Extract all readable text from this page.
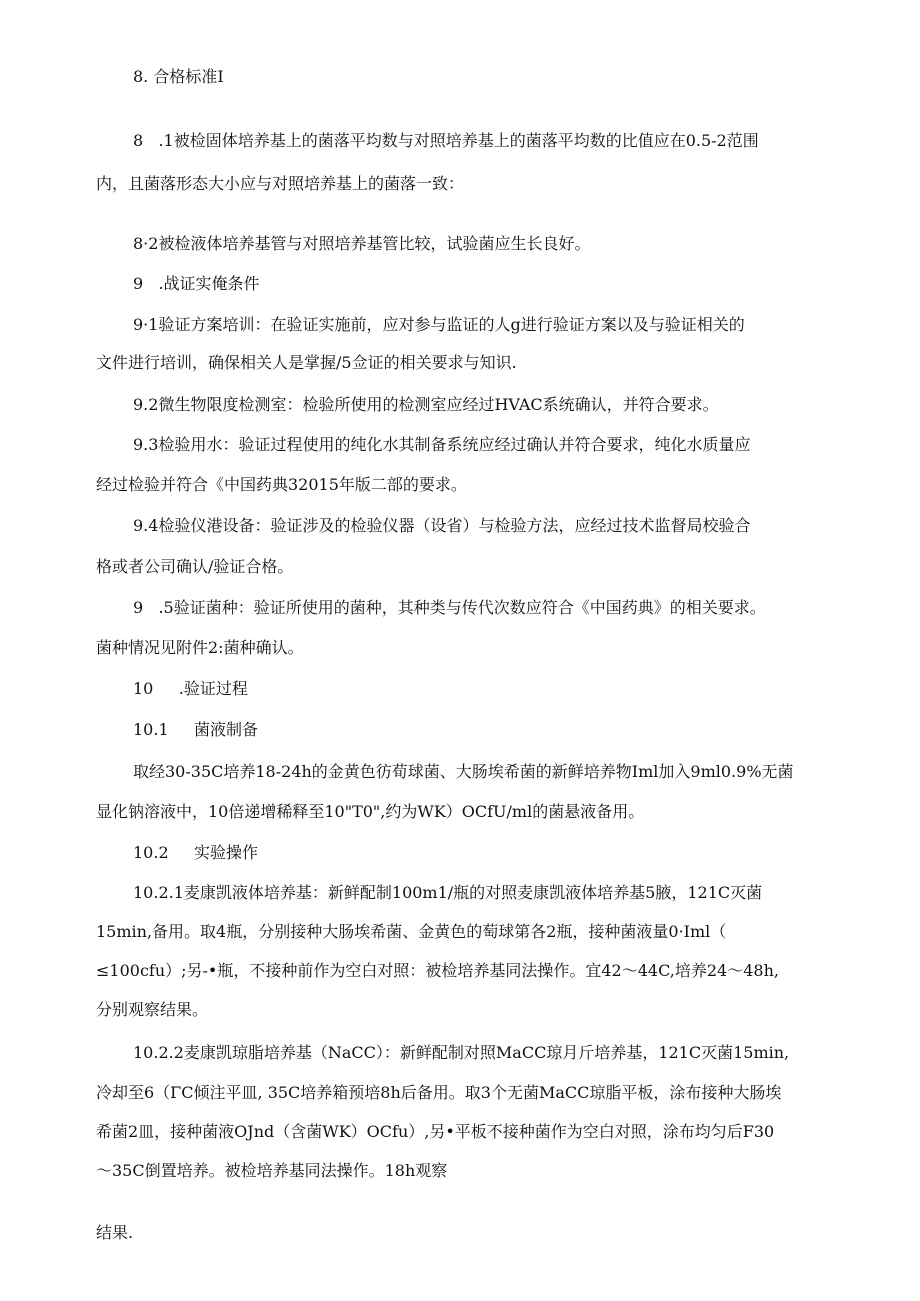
8. 合格标准I
8   .1被检固体培养基上的菌落平均数与对照培养基上的菌落平均数的比值应在0.5-2范围
内，且菌落形态大小应与对照培养基上的菌落一致：
8·2被检液体培养基管与对照培养基管比较，试验菌应生长良好。
9   .战证实俺条件
9·1验证方案培训：在验证实施前，应对参与监证的人g进行验证方案以及与验证相关的
文件进行培训，确保相关人是掌握/5佥证的相关要求与知识.
9.2微生物限度检测室：检验所使用的检测室应经过HVAC系统确认，并符合要求。
9.3检验用水：验证过程使用的纯化水其制备系统应经过确认并符合要求，纯化水质量应
经过检验并符合《中国药典32015年版二部的要求。
9.4检验仪港设备：验证涉及的检验仪器（设省）与检验方法，应经过技术监督局校验合
格或者公司确认/验证合格。
9   .5验证菌种：验证所使用的菌种，其种类与传代次数应符合《中国药典》的相关要求。
菌种情况见附件2:菌种确认。
10     .验证过程
10.1     菌液制备
取经30-35C培养18-24h的金黄色彷荀球菌、大肠埃希菌的新鲜培养物Iml加入9ml0.9%无菌
显化钠溶液中，10倍递增稀释至10"T0",约为WK）OCfU/ml的菌悬液备用。
10.2     实验操作
10.2.1麦康凯液体培养基：新鲜配制100m1/瓶的对照麦康凯液体培养基5腋，121C灭菌
15min,备用。取4瓶，分别接种大肠埃希菌、金黄色的萄球第各2瓶，接种菌液量0·Iml（
≤100cfu）;另-•瓶，不接种前作为空白对照：被检培养基同法操作。宜42～44C,培养24～48h,
分别观察结果。
10.2.2麦康凯琼脂培养基（NaCC）：新鲜配制对照MaCC琼月斤培养基，121C灭菌15min,
冷却至6（ΓC倾注平皿, 35C培养箱预培8h后备用。取3个无菌MaCC琼脂平板，涂布接种大肠埃
希菌2皿，接种菌液OJnd（含菌WK）OCfu）,另•平板不接种菌作为空白对照，涂布均匀后F30
～35C倒置培养。被检培养基同法操作。18h观察
结果.
